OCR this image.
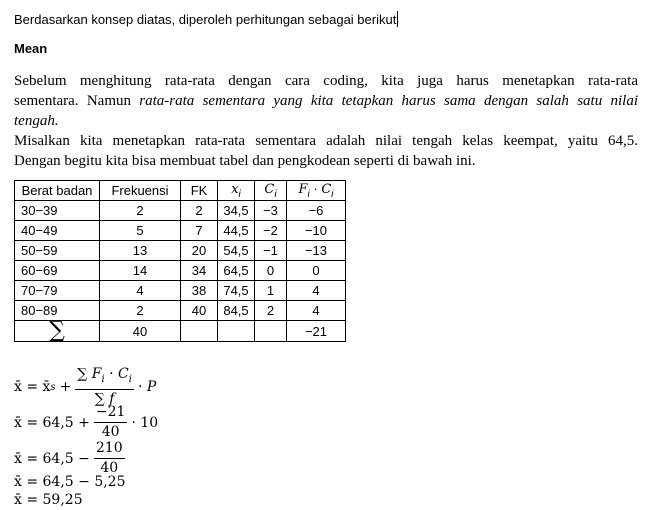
Berdasarkan konsep diatas, diperoleh perhitungan sebagai berikut
Mean
Sebelum menghitung rata-rata dengan cara coding, kita juga harus menetapkan rata-rata
sementara. Namun rata-rata sementara yang kita tetapkan harus sama dengan salah satu nilai
tengah.
Misalkan kita menetapkan rata-rata sementara adalah nilai tengah kelas keempat, yaitu 64,5.
Dengan begitu kita bisa membuat tabel dan pengkodean seperti di bawah ini.
Berat badan	Frekuensi	FK	$x_i$	$C_i$	$F_i \cdot C_i$
30−39	2	2	34,5	−3	−6
40−49	5	7	44,5	−2	−10
50−59	13	20	54,5	−1	−13
60−69	14	34	64,5	0	0
70−79	4	38	74,5	1	4
80−89	2	40	84,5	2	4
∑	40				−21
x̄ = x̄ $s + \frac{\sum F_i \cdot C_i}{\sum f} \cdot P$
x̄ = $64,5 + \frac{-21}{40} \cdot 10$
x̄ = $64,5 - \frac{210}{40}$
x̄ = 64,5 − 5,25
x̄ = 59,25
